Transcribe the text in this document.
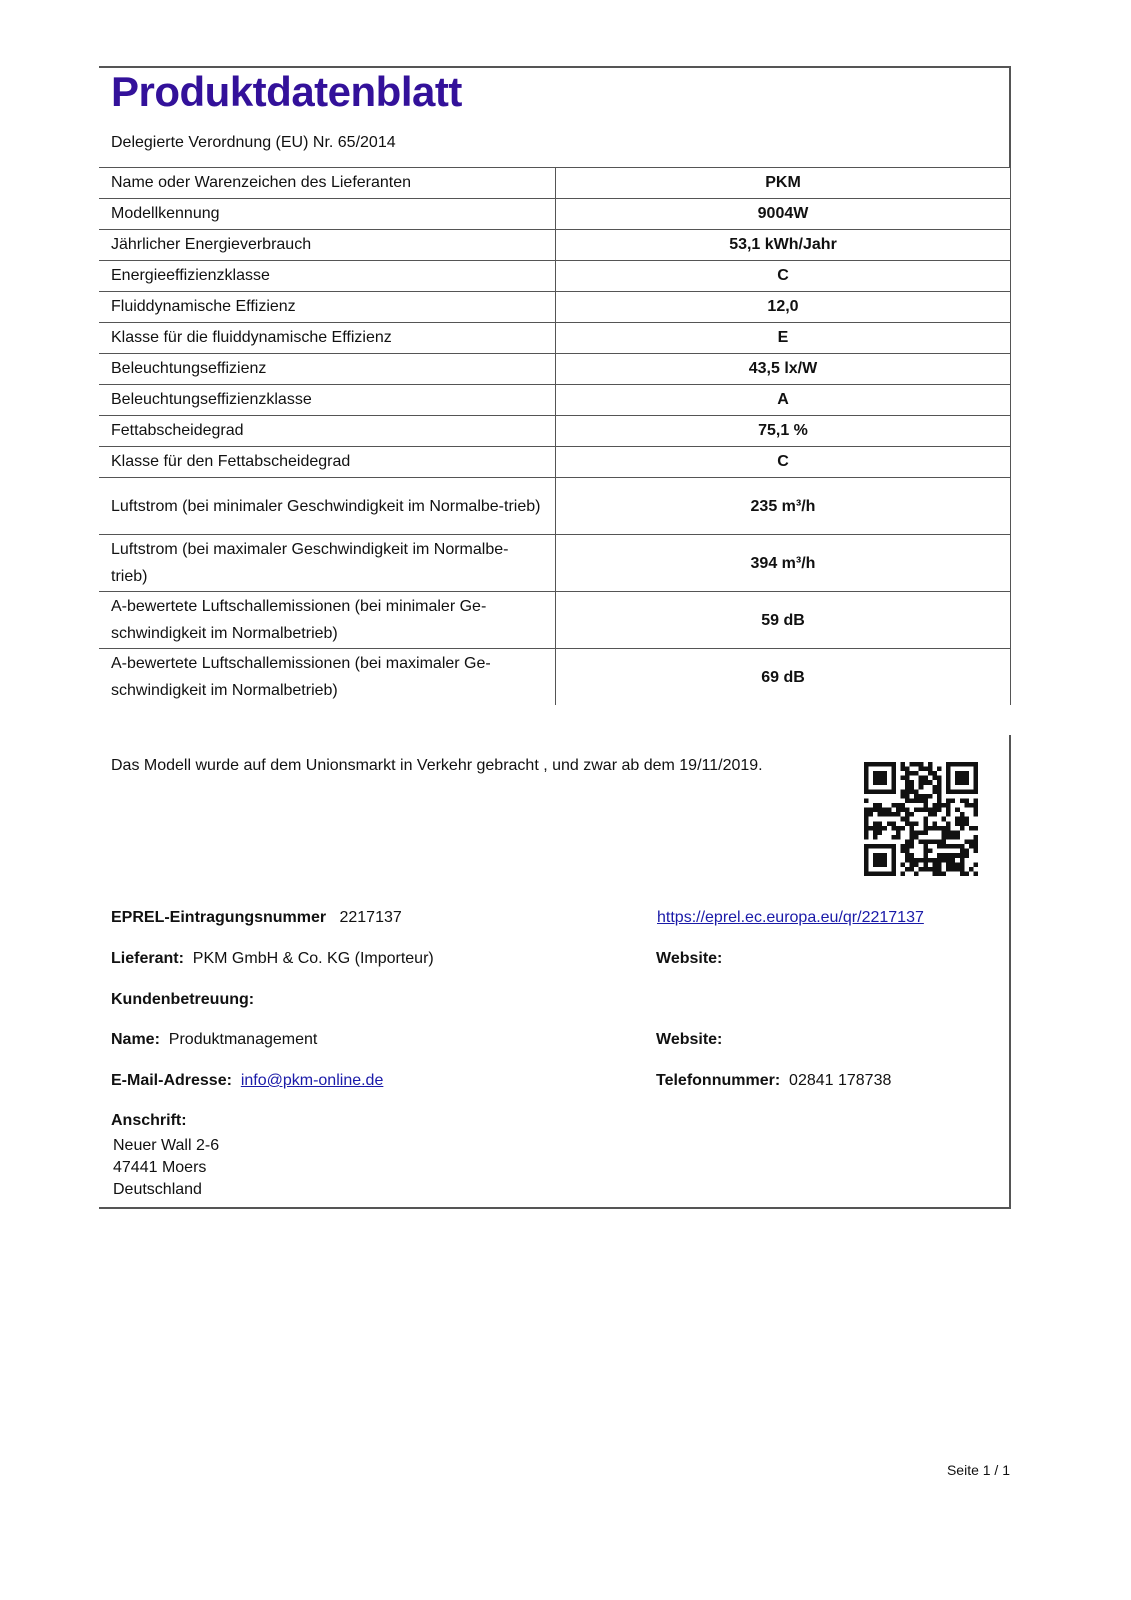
Produktdatenblatt
Delegierte Verordnung (EU) Nr. 65/2014
Name oder Warenzeichen des Lieferanten	PKM
Modellkennung	9004W
Jährlicher Energieverbrauch	53,1 kWh/Jahr
Energieeffizienzklasse	C
Fluiddynamische Effizienz	12,0
Klasse für die fluiddynamische Effizienz	E
Beleuchtungseffizienz	43,5 lx/W
Beleuchtungseffizienzklasse	A
Fettabscheidegrad	75,1 %
Klasse für den Fettabscheidegrad	C
Luftstrom (bei minimaler Geschwindigkeit im Normalbe-trieb)	235 m³/h
Luftstrom (bei maximaler Geschwindigkeit im Normalbe-trieb)	394 m³/h
A-bewertete Luftschallemissionen (bei minimaler Ge-schwindigkeit im Normalbetrieb)	59 dB
A-bewertete Luftschallemissionen (bei maximaler Ge-schwindigkeit im Normalbetrieb)	69 dB
Das Modell wurde auf dem Unionsmarkt in Verkehr gebracht , und zwar ab dem 19/11/2019.
EPREL-Eintragungsnummer 2217137	https://eprel.ec.europa.eu/qr/2217137
Lieferant: PKM GmbH & Co. KG (Importeur)	Website:
Kundenbetreuung:
Name: Produktmanagement	Website:
E-Mail-Adresse: info@pkm-online.de	Telefonnummer: 02841 178738
Anschrift:
Neuer Wall 2-6
47441 Moers
Deutschland
Seite 1 / 1
